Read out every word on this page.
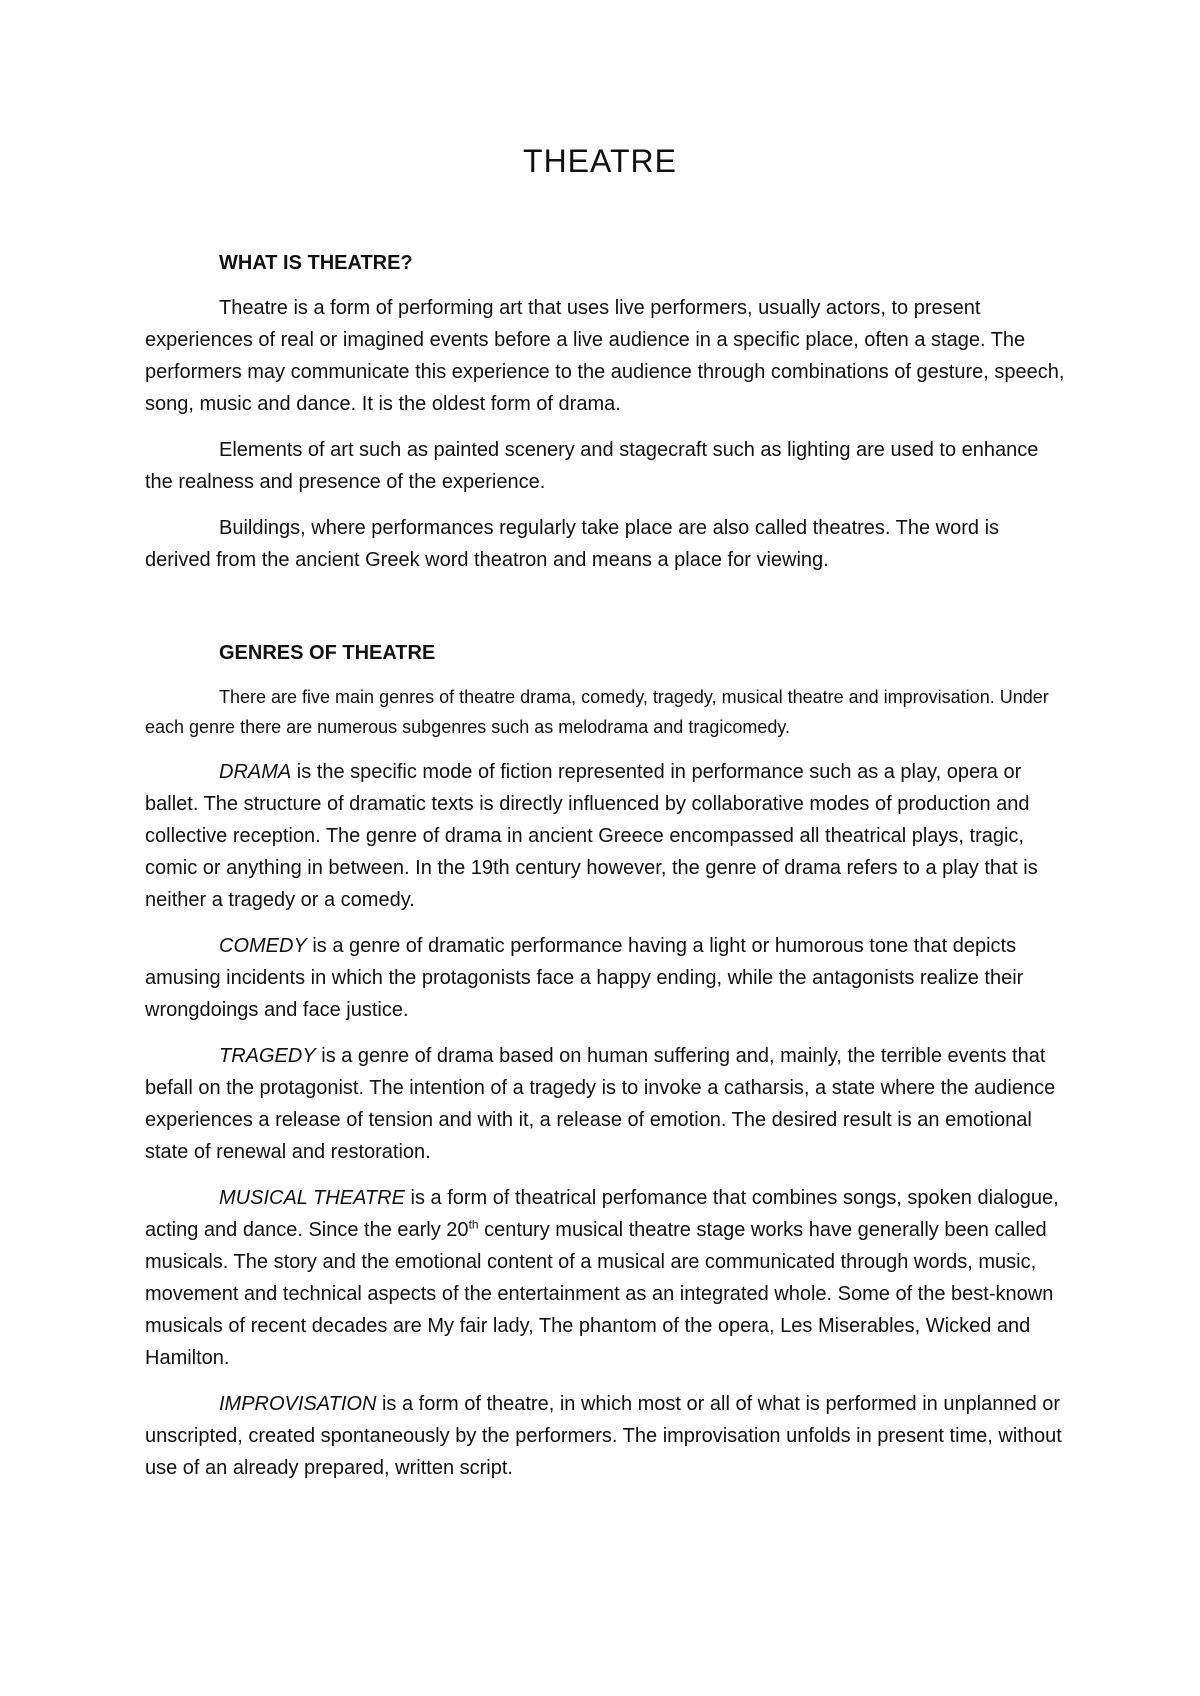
THEATRE
WHAT IS THEATRE?

Theatre is a form of performing art that uses live performers, usually actors, to present experiences of real or imagined events before a live audience in a specific place, often a stage. The performers may communicate this experience to the audience through combinations of gesture, speech, song, music and dance. It is the oldest form of drama.

Elements of art such as painted scenery and stagecraft such as lighting are used to enhance the realness and presence of the experience.

Buildings, where performances regularly take place are also called theatres. The word is derived from the ancient Greek word theatron and means a place for viewing.

GENRES OF THEATRE

There are five main genres of theatre drama, comedy, tragedy, musical theatre and improvisation. Under each genre there are numerous subgenres such as melodrama and tragicomedy.

DRAMA is the specific mode of fiction represented in performance such as a play, opera or ballet. The structure of dramatic texts is directly influenced by collaborative modes of production and collective reception. The genre of drama in ancient Greece encompassed all theatrical plays, tragic, comic or anything in between. In the 19th century however, the genre of drama refers to a play that is neither a tragedy or a comedy.

COMEDY is a genre of dramatic performance having a light or humorous tone that depicts amusing incidents in which the protagonists face a happy ending, while the antagonists realize their wrongdoings and face justice.

TRAGEDY is a genre of drama based on human suffering and, mainly, the terrible events that befall on the protagonist. The intention of a tragedy is to invoke a catharsis, a state where the audience experiences a release of tension and with it, a release of emotion. The desired result is an emotional state of renewal and restoration.

MUSICAL THEATRE is a form of theatrical perfomance that combines songs, spoken dialogue, acting and dance. Since the early 20th century musical theatre stage works have generally been called musicals. The story and the emotional content of a musical are communicated through words, music, movement and technical aspects of the entertainment as an integrated whole. Some of the best-known musicals of recent decades are My fair lady, The phantom of the opera, Les Miserables, Wicked and Hamilton.

IMPROVISATION is a form of theatre, in which most or all of what is performed in unplanned or unscripted, created spontaneously by the performers. The improvisation unfolds in present time, without use of an already prepared, written script.
